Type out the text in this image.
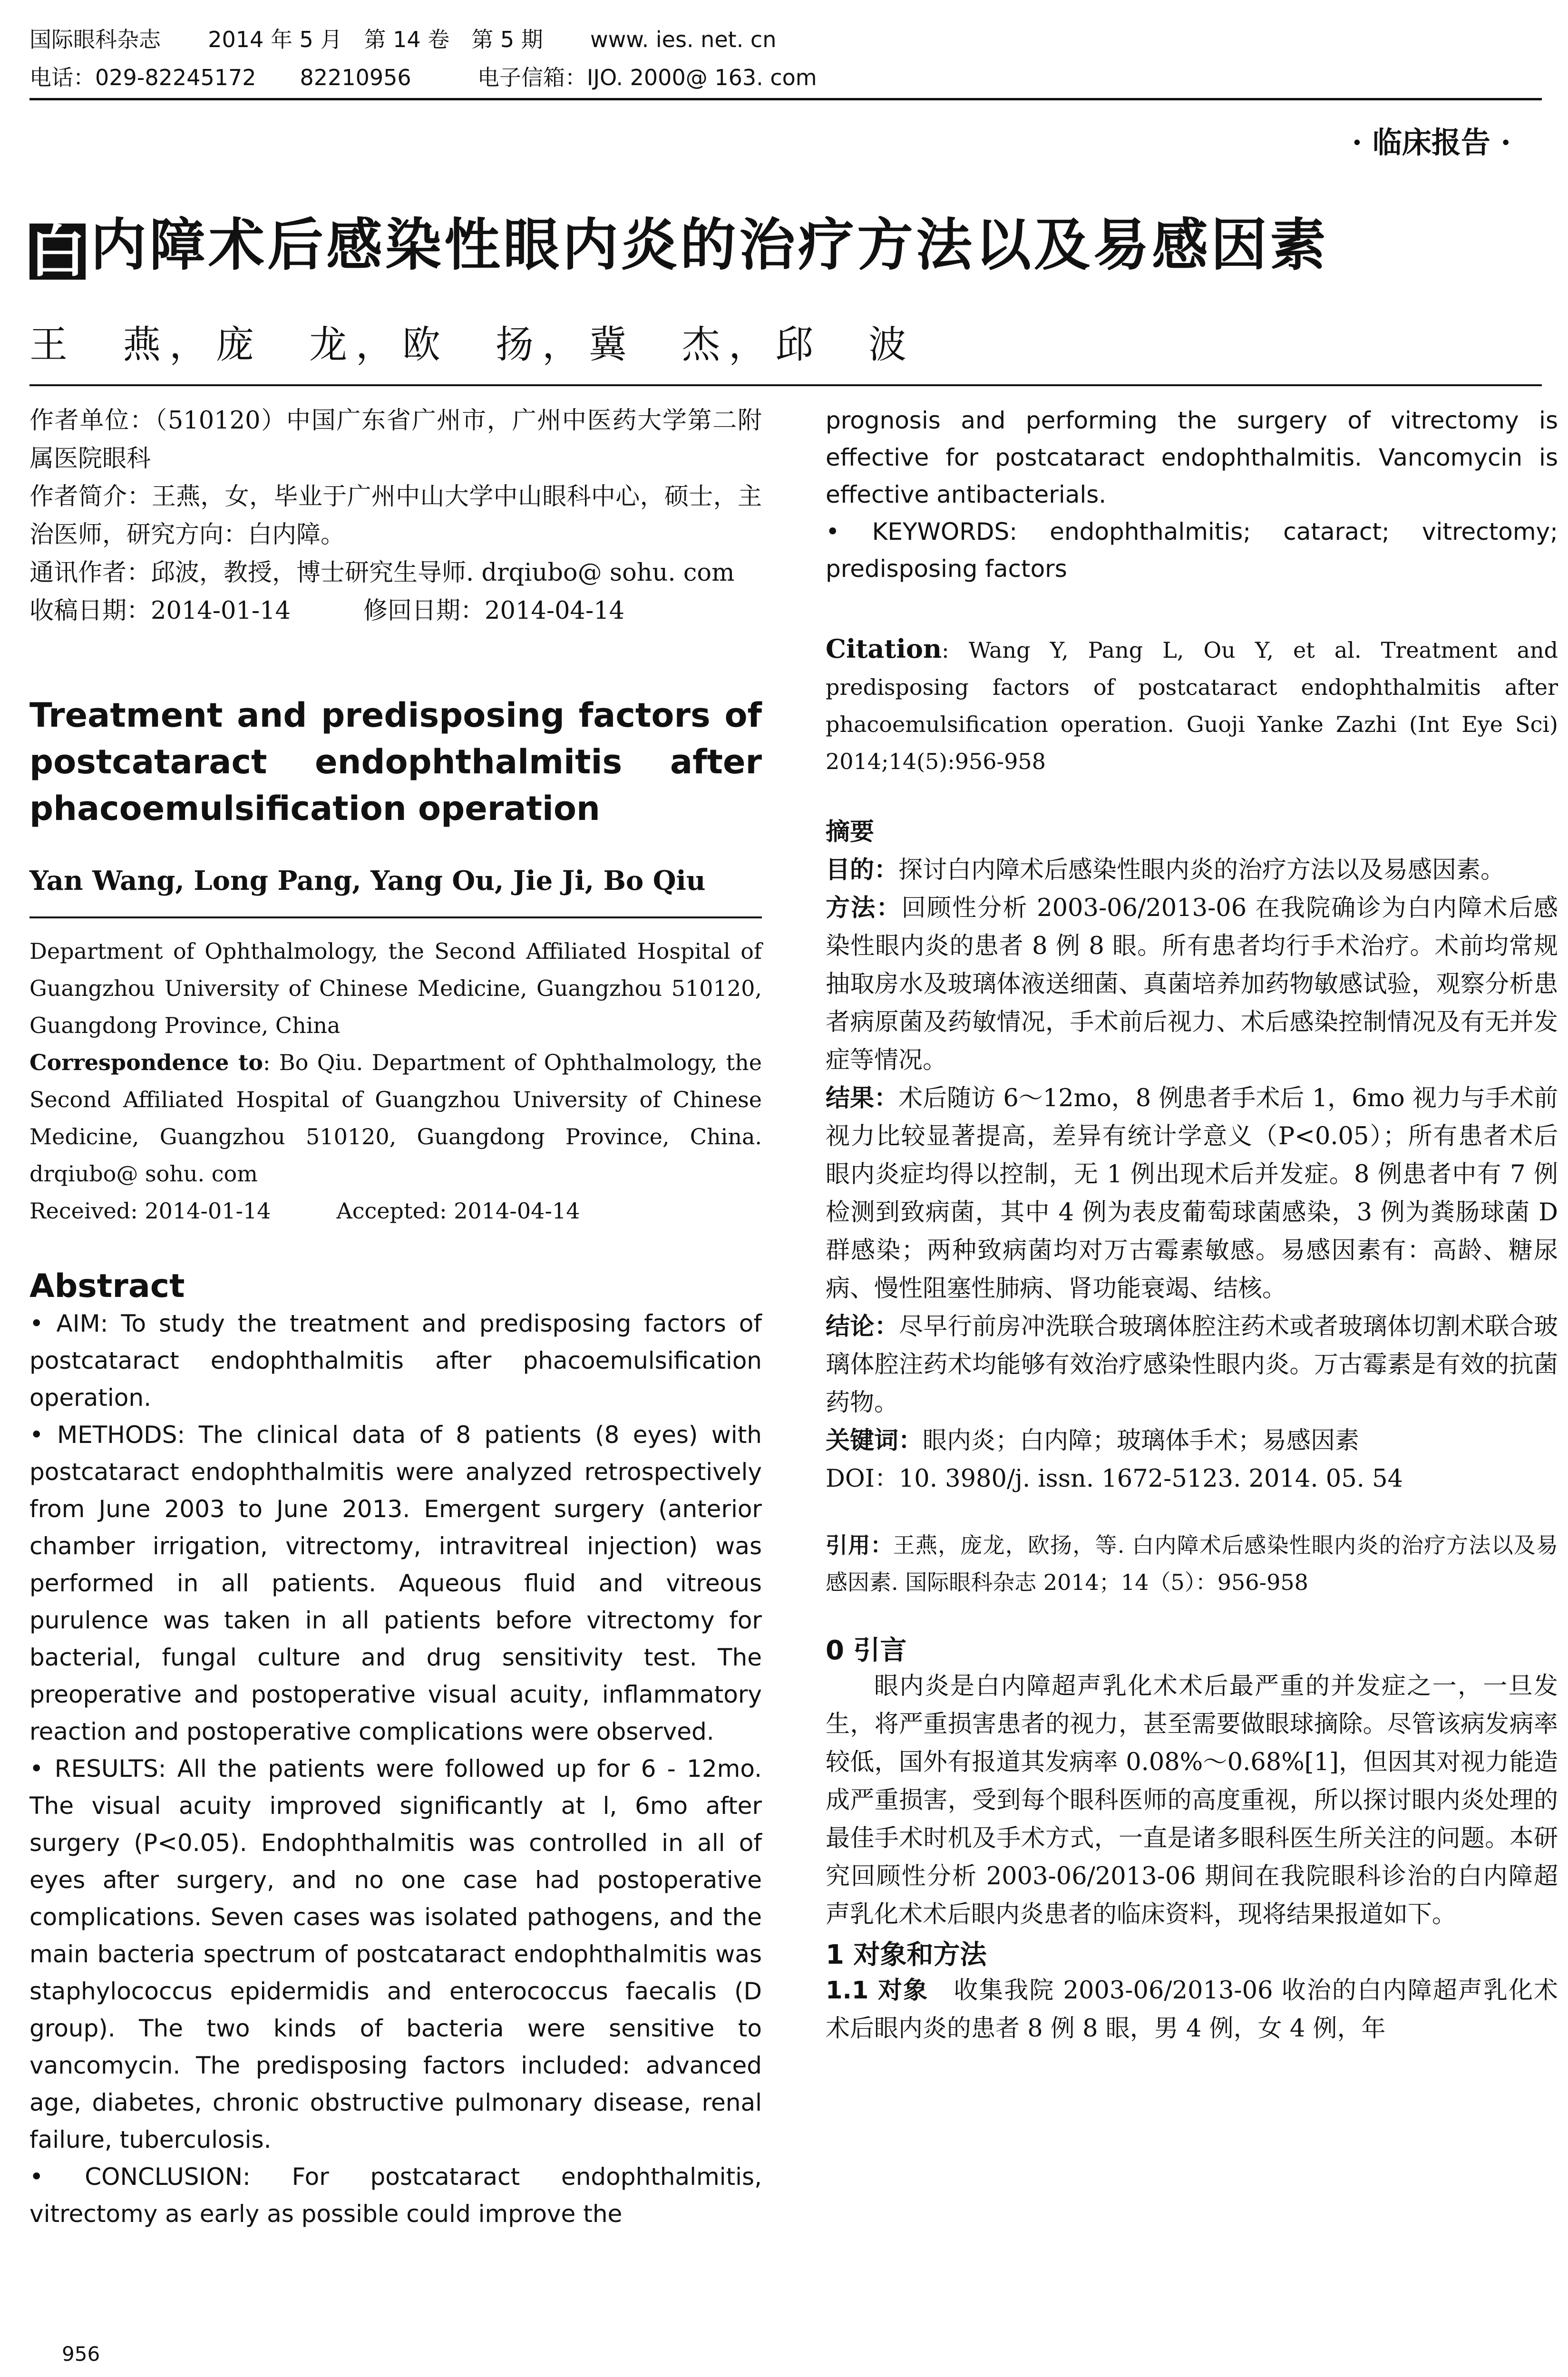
国际眼科杂志 2014 年 5 月　第 14 卷　第 5 期 www. ies. net. cn
电话：029-82245172　　82210956	电子信箱：IJO. 2000@ 163. com
· 临床报告 ·
白内障术后感染性眼内炎的治疗方法以及易感因素
王　燕，庞　龙，欧　扬，冀　杰，邱　波

作者单位：（510120）中国广东省广州市，广州中医药大学第二附属医院眼科

作者简介：王燕，女，毕业于广州中山大学中山眼科中心，硕士，主治医师，研究方向：白内障。

通讯作者：邱波，教授，博士研究生导师. drqiubo@ sohu. com

收稿日期：2014-01-14　　　修回日期：2014-04-14

Treatment and predisposing factors of postcataract endophthalmitis after phacoemulsification operation

Yan Wang, Long Pang, Yang Ou, Jie Ji, Bo Qiu

Department of Ophthalmology, the Second Affiliated Hospital of Guangzhou University of Chinese Medicine, Guangzhou 510120, Guangdong Province, China

Correspondence to: Bo Qiu. Department of Ophthalmology, the Second Affiliated Hospital of Guangzhou University of Chinese Medicine, Guangzhou 510120, Guangdong Province, China. drqiubo@ sohu. com

Received: 2014-01-14　　　Accepted: 2014-04-14

Abstract

• AIM: To study the treatment and predisposing factors of postcataract endophthalmitis after phacoemulsification operation.

• METHODS: The clinical data of 8 patients (8 eyes) with postcataract endophthalmitis were analyzed retrospectively from June 2003 to June 2013. Emergent surgery (anterior chamber irrigation, vitrectomy, intravitreal injection) was performed in all patients. Aqueous fluid and vitreous purulence was taken in all patients before vitrectomy for bacterial, fungal culture and drug sensitivity test. The preoperative and postoperative visual acuity, inflammatory reaction and postoperative complications were observed.

• RESULTS: All the patients were followed up for 6 - 12mo. The visual acuity improved significantly at l, 6mo after surgery (P<0.05). Endophthalmitis was controlled in all of eyes after surgery, and no one case had postoperative complications. Seven cases was isolated pathogens, and the main bacteria spectrum of postcataract endophthalmitis was staphylococcus epidermidis and enterococcus faecalis (D group). The two kinds of bacteria were sensitive to vancomycin. The predisposing factors included: advanced age, diabetes, chronic obstructive pulmonary disease, renal failure, tuberculosis.

• CONCLUSION: For postcataract endophthalmitis, vitrectomy as early as possible could improve the

prognosis and performing the surgery of vitrectomy is effective for postcataract endophthalmitis. Vancomycin is effective antibacterials.

• KEYWORDS: endophthalmitis; cataract; vitrectomy; predisposing factors

Citation: Wang Y, Pang L, Ou Y, et al. Treatment and predisposing factors of postcataract endophthalmitis after phacoemulsification operation. Guoji Yanke Zazhi (Int Eye Sci) 2014;14(5):956-958

摘要

目的：探讨白内障术后感染性眼内炎的治疗方法以及易感因素。

方法：回顾性分析 2003-06/2013-06 在我院确诊为白内障术后感染性眼内炎的患者 8 例 8 眼。所有患者均行手术治疗。术前均常规抽取房水及玻璃体液送细菌、真菌培养加药物敏感试验，观察分析患者病原菌及药敏情况，手术前后视力、术后感染控制情况及有无并发症等情况。

结果：术后随访 6～12mo，8 例患者手术后 1，6mo 视力与手术前视力比较显著提高，差异有统计学意义（P<0.05）；所有患者术后眼内炎症均得以控制，无 1 例出现术后并发症。8 例患者中有 7 例检测到致病菌，其中 4 例为表皮葡萄球菌感染，3 例为粪肠球菌 D 群感染；两种致病菌均对万古霉素敏感。易感因素有：高龄、糖尿病、慢性阻塞性肺病、肾功能衰竭、结核。

结论：尽早行前房冲洗联合玻璃体腔注药术或者玻璃体切割术联合玻璃体腔注药术均能够有效治疗感染性眼内炎。万古霉素是有效的抗菌药物。

关键词：眼内炎；白内障；玻璃体手术；易感因素

DOI：10. 3980/j. issn. 1672-5123. 2014. 05. 54

引用：王燕，庞龙，欧扬，等. 白内障术后感染性眼内炎的治疗方法以及易感因素. 国际眼科杂志 2014；14（5）：956-958

0 引言

眼内炎是白内障超声乳化术术后最严重的并发症之一，一旦发生，将严重损害患者的视力，甚至需要做眼球摘除。尽管该病发病率较低，国外有报道其发病率 0.08%～0.68%[1]，但因其对视力能造成严重损害，受到每个眼科医师的高度重视，所以探讨眼内炎处理的最佳手术时机及手术方式，一直是诸多眼科医生所关注的问题。本研究回顾性分析 2003-06/2013-06 期间在我院眼科诊治的白内障超声乳化术术后眼内炎患者的临床资料，现将结果报道如下。

1 对象和方法

1.1 对象　收集我院 2003-06/2013-06 收治的白内障超声乳化术术后眼内炎的患者 8 例 8 眼，男 4 例，女 4 例，年

956
